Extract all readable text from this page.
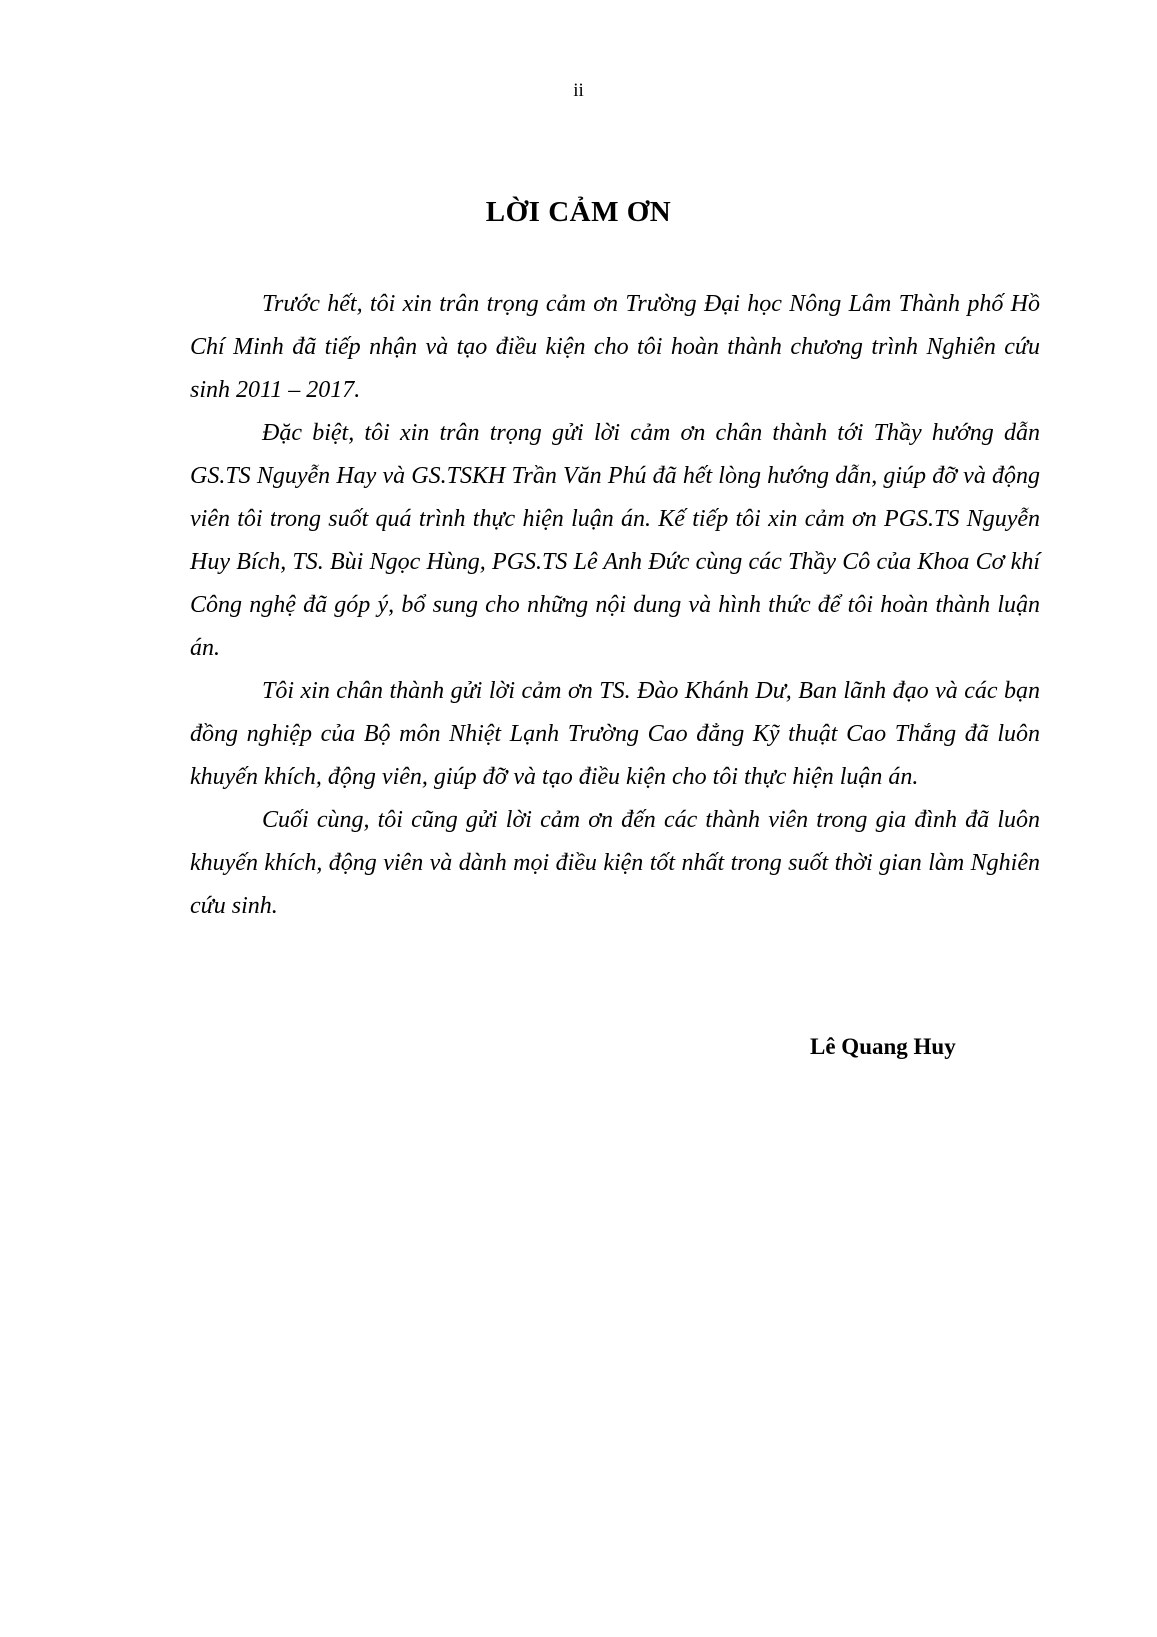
ii
LỜI CẢM ƠN

Trước hết, tôi xin trân trọng cảm ơn Trường Đại học Nông Lâm Thành phố Hồ Chí Minh đã tiếp nhận và tạo điều kiện cho tôi hoàn thành chương trình Nghiên cứu sinh 2011 – 2017.

Đặc biệt, tôi xin trân trọng gửi lời cảm ơn chân thành tới Thầy hướng dẫn GS.TS Nguyễn Hay và GS.TSKH Trần Văn Phú đã hết lòng hướng dẫn, giúp đỡ và động viên tôi trong suốt quá trình thực hiện luận án. Kế tiếp tôi xin cảm ơn PGS.TS Nguyễn Huy Bích, TS. Bùi Ngọc Hùng, PGS.TS Lê Anh Đức cùng các Thầy Cô của Khoa Cơ khí Công nghệ đã góp ý, bổ sung cho những nội dung và hình thức để tôi hoàn thành luận án.

Tôi xin chân thành gửi lời cảm ơn TS. Đào Khánh Dư, Ban lãnh đạo và các bạn đồng nghiệp của Bộ môn Nhiệt Lạnh Trường Cao đẳng Kỹ thuật Cao Thắng đã luôn khuyến khích, động viên, giúp đỡ và tạo điều kiện cho tôi thực hiện luận án.

Cuối cùng, tôi cũng gửi lời cảm ơn đến các thành viên trong gia đình đã luôn khuyến khích, động viên và dành mọi điều kiện tốt nhất trong suốt thời gian làm Nghiên cứu sinh.

Lê Quang Huy
